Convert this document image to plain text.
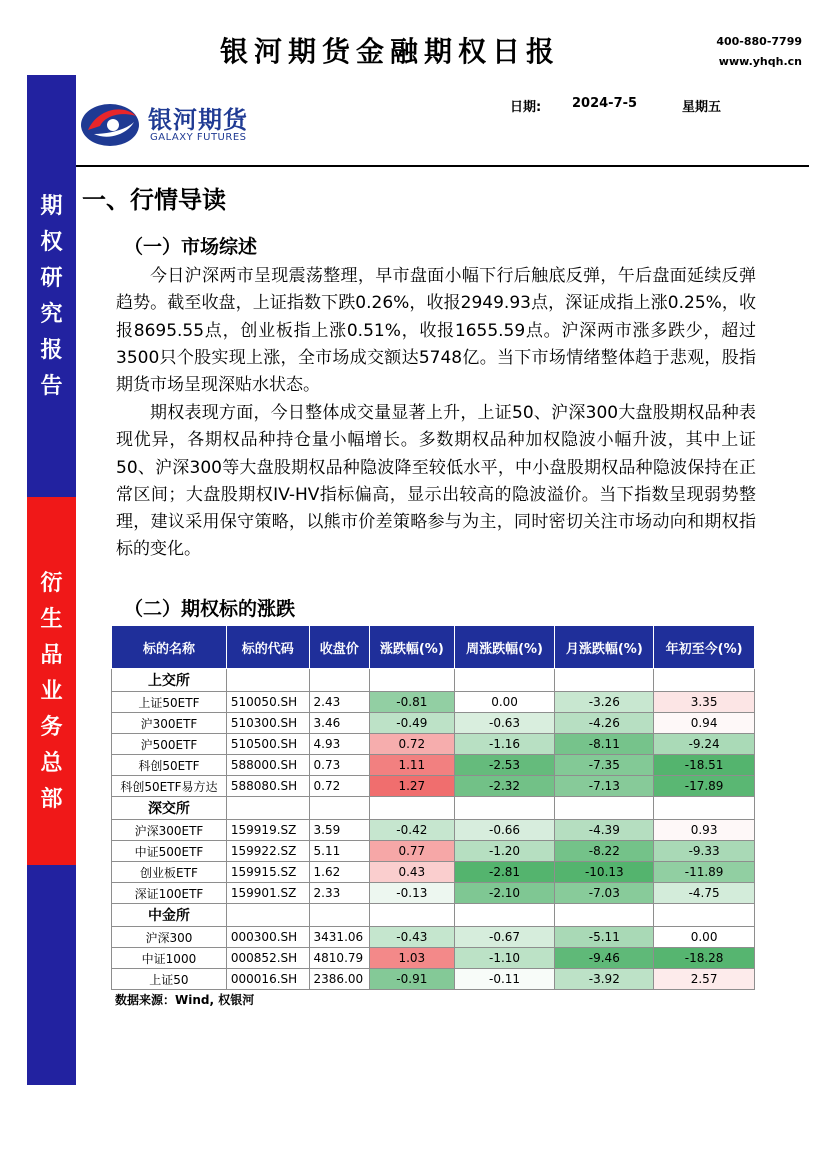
银河期货金融期权日报	400-880-7799
www.yhqh.cn
期
权
研
究
报
告
衍
生
品
业
务
总
部
银河期货
GALAXY FUTURES
日期: 2024-7-5	星期五
一、行情导读
（一）市场综述

今日沪深两市呈现震荡整理，早市盘面小幅下行后触底反弹，午后盘面延续反弹趋势。截至收盘，上证指数下跌0.26%，收报2949.93点，深证成指上涨0.25%，收报8695.55点，创业板指上涨0.51%，收报1655.59点。沪深两市涨多跌少，超过3500只个股实现上涨，全市场成交额达5748亿。当下市场情绪整体趋于悲观，股指期货市场呈现深贴水状态。

期权表现方面，今日整体成交量显著上升，上证50、沪深300大盘股期权品种表现优异，各期权品种持仓量小幅增长。多数期权品种加权隐波小幅升波，其中上证50、沪深300等大盘股期权品种隐波降至较低水平，中小盘股期权品种隐波保持在正常区间；大盘股期权IV-HV指标偏高，显示出较高的隐波溢价。当下指数呈现弱势整理，建议采用保守策略，以熊市价差策略参与为主，同时密切关注市场动向和期权指标的变化。

（二）期权标的涨跌
标的名称	标的代码	收盘价	涨跌幅(%)	周涨跌幅(%)	月涨跌幅(%)	年初至今(%)
上交所						
上证50ETF	510050.SH	2.43	-0.81	0.00	-3.26	3.35
沪300ETF	510300.SH	3.46	-0.49	-0.63	-4.26	0.94
沪500ETF	510500.SH	4.93	0.72	-1.16	-8.11	-9.24
科创50ETF	588000.SH	0.73	1.11	-2.53	-7.35	-18.51
科创50ETF易方达	588080.SH	0.72	1.27	-2.32	-7.13	-17.89
深交所						
沪深300ETF	159919.SZ	3.59	-0.42	-0.66	-4.39	0.93
中证500ETF	159922.SZ	5.11	0.77	-1.20	-8.22	-9.33
创业板ETF	159915.SZ	1.62	0.43	-2.81	-10.13	-11.89
深证100ETF	159901.SZ	2.33	-0.13	-2.10	-7.03	-4.75
中金所						
沪深300	000300.SH	3431.06	-0.43	-0.67	-5.11	0.00
中证1000	000852.SH	4810.79	1.03	-1.10	-9.46	-18.28
上证50	000016.SH	2386.00	-0.91	-0.11	-3.92	2.57
数据来源：Wind, 权银河
